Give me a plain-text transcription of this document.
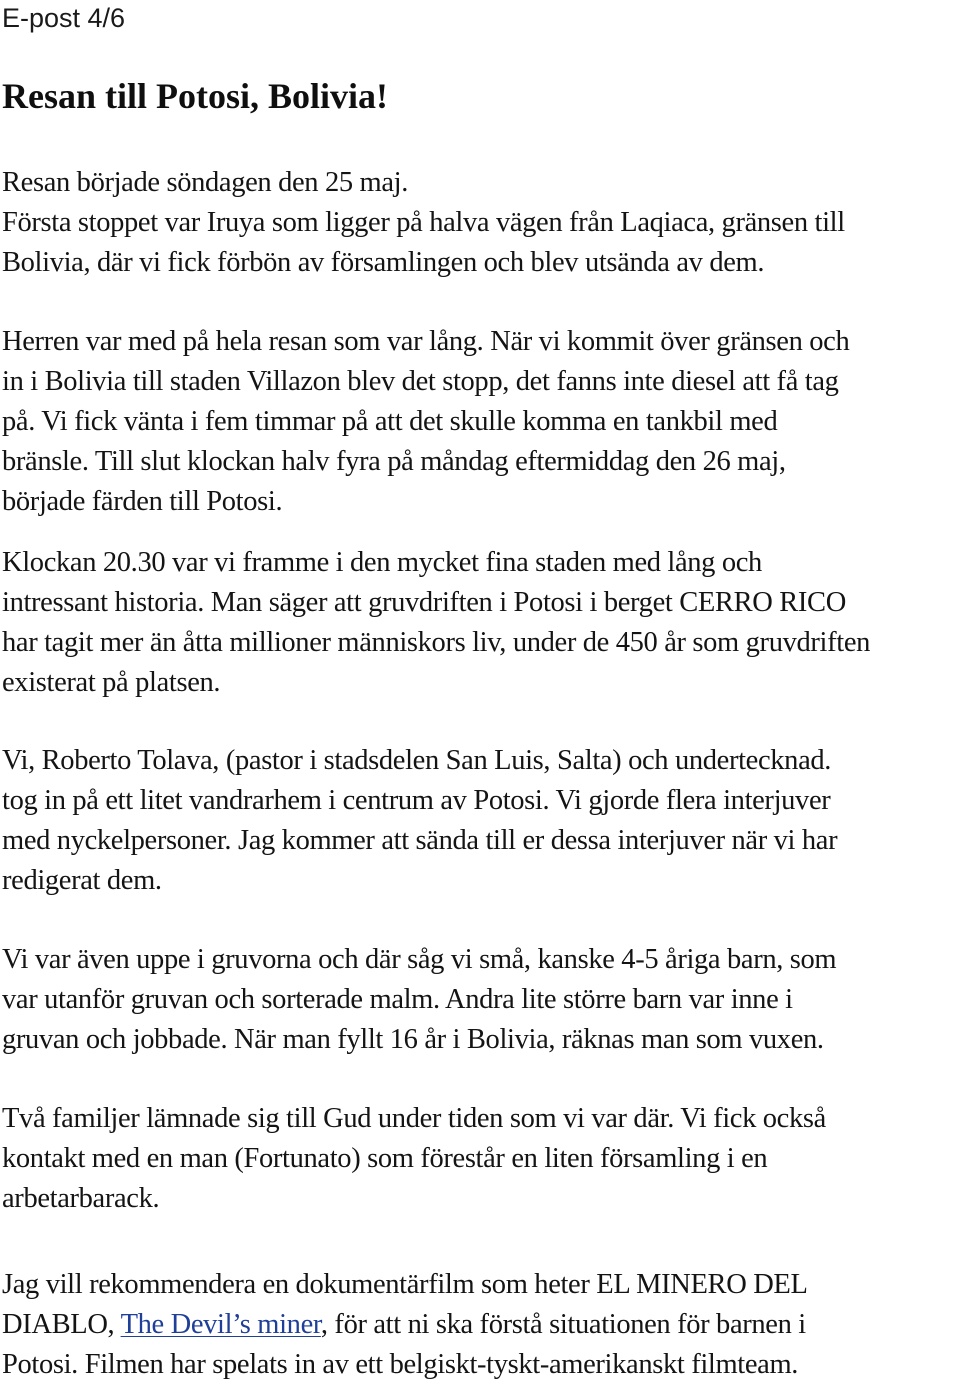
E-post 4/6
Resan till Potosi, Bolivia!

Resan började söndagen den 25 maj.
Första stoppet var Iruya som ligger på halva vägen från Laqiaca, gränsen till
Bolivia, där vi fick förbön av församlingen och blev utsända av dem.

Herren var med på hela resan som var lång. När vi kommit över gränsen och
in i Bolivia till staden Villazon blev det stopp, det fanns inte diesel att få tag
på. Vi fick vänta i fem timmar på att det skulle komma en tankbil med
bränsle. Till slut klockan halv fyra på måndag eftermiddag den 26 maj,
började färden till Potosi.

Klockan 20.30 var vi framme i den mycket fina staden med lång och
intressant historia. Man säger att gruvdriften i Potosi i berget CERRO RICO
har tagit mer än åtta millioner människors liv, under de 450 år som gruvdriften
existerat på platsen.

Vi, Roberto Tolava, (pastor i stadsdelen San Luis, Salta) och undertecknad.
tog in på ett litet vandrarhem i centrum av Potosi. Vi gjorde flera interjuver
med nyckelpersoner. Jag kommer att sända till er dessa interjuver när vi har
redigerat dem.

Vi var även uppe i gruvorna och där såg vi små, kanske 4-5 åriga barn, som
var utanför gruvan och sorterade malm. Andra lite större barn var inne i
gruvan och jobbade. När man fyllt 16 år i Bolivia, räknas man som vuxen.

Två familjer lämnade sig till Gud under tiden som vi var där. Vi fick också
kontakt med en man (Fortunato) som förestår en liten församling i en
arbetarbarack.

Jag vill rekommendera en dokumentärfilm som heter EL MINERO DEL
DIABLO, The Devil’s miner, för att ni ska förstå situationen för barnen i
Potosi. Filmen har spelats in av ett belgiskt-tyskt-amerikanskt filmteam.
